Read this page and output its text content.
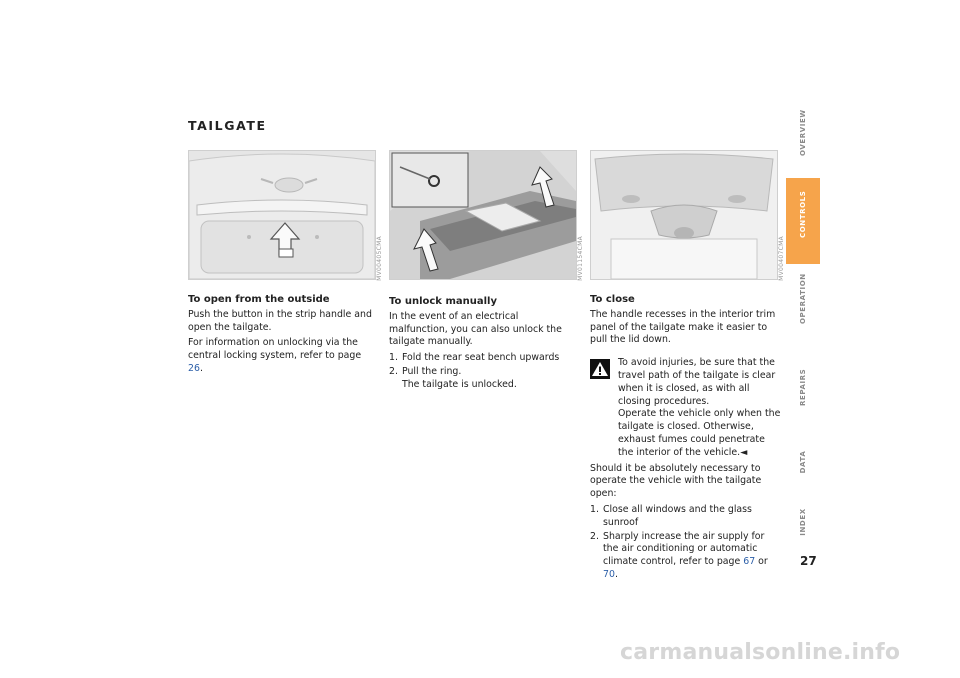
TAILGATE
MV00405CMA	MV01154CMA	MV00407CMA
To open from the outside

Push the button in the strip handle and open the tailgate.

For information on unlocking via the central locking system, refer to page 26.

To unlock manually

In the event of an electrical malfunction, you can also unlock the tailgate manually.

1. Fold the rear seat bench upwards
2. Pull the ring.
The tailgate is unlocked.
To close

The handle recesses in the interior trim panel of the tailgate make it easier to pull the lid down.

To avoid injuries, be sure that the travel path of the tailgate is clear when it is closed, as with all closing procedures.
Operate the vehicle only when the tailgate is closed. Otherwise, exhaust fumes could penetrate the interior of the vehicle.◄

Should it be absolutely necessary to operate the vehicle with the tailgate open:

1. Close all windows and the glass sunroof
2. Sharply increase the air supply for the air conditioning or automatic climate control, refer to page 67 or 70.
OVERVIEW
CONTROLS
OPERATION
REPAIRS
DATA
INDEX
27
carmanualsonline.info
